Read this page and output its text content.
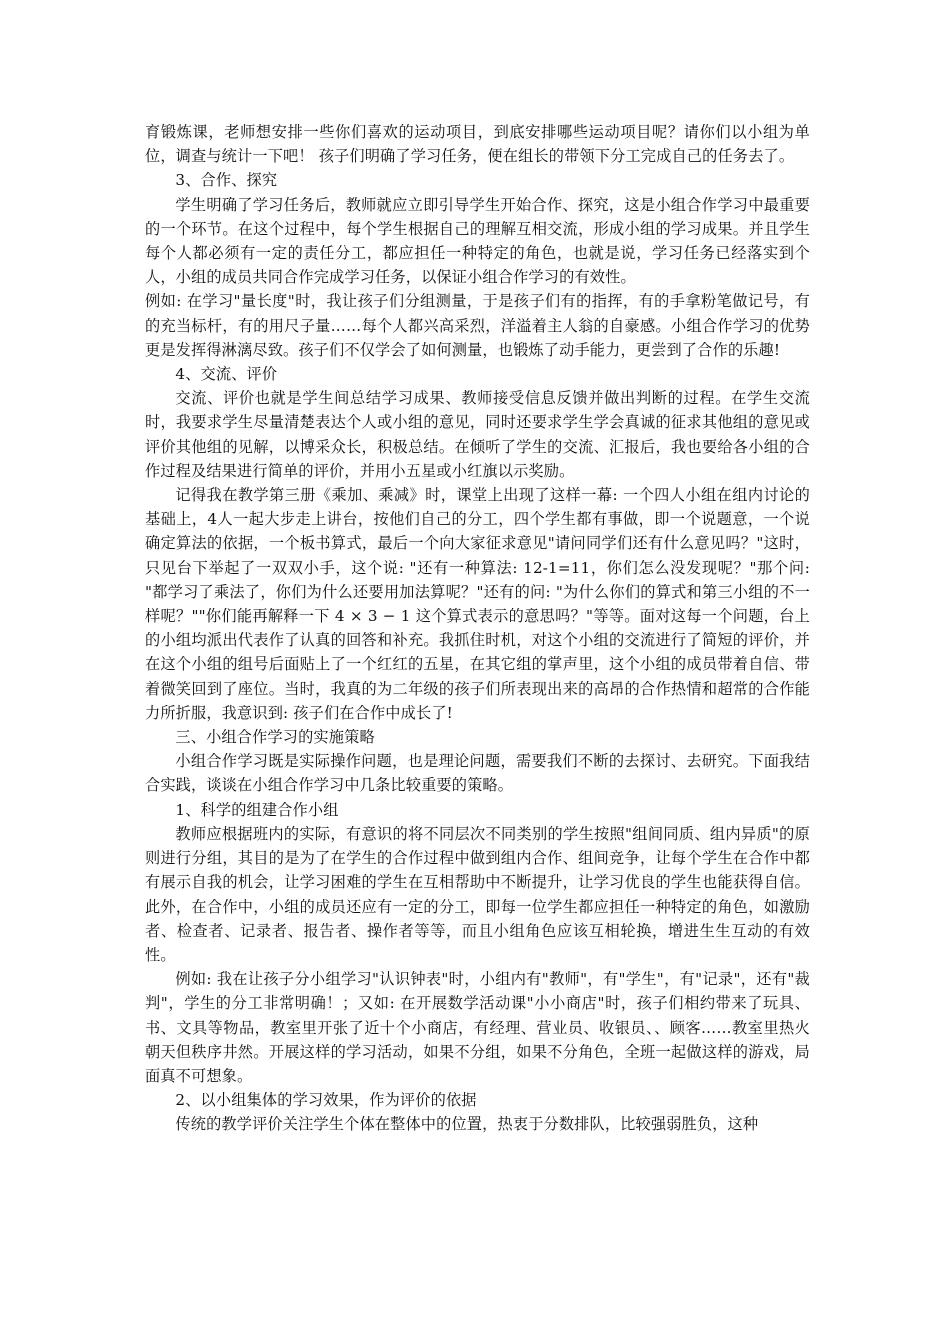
育锻炼课，老师想安排一些你们喜欢的运动项目，到底安排哪些运动项目呢？请你们以小组为单位，调查与统计一下吧！ 孩子们明确了学习任务，便在组长的带领下分工完成自己的任务去了。

3、合作、探究

学生明确了学习任务后，教师就应立即引导学生开始合作、探究，这是小组合作学习中最重要的一个环节。在这个过程中，每个学生根据自己的理解互相交流，形成小组的学习成果。并且学生每个人都必须有一定的责任分工，都应担任一种特定的角色，也就是说，学习任务已经落实到个人，小组的成员共同合作完成学习任务，以保证小组合作学习的有效性。

例如: 在学习"量长度"时，我让孩子们分组测量，于是孩子们有的指挥，有的手拿粉笔做记号，有的充当标杆，有的用尺子量……每个人都兴高采烈，洋溢着主人翁的自豪感。小组合作学习的优势更是发挥得淋漓尽致。孩子们不仅学会了如何测量，也锻炼了动手能力，更尝到了合作的乐趣!

4、交流、评价

交流、评价也就是学生间总结学习成果、教师接受信息反馈并做出判断的过程。在学生交流时，我要求学生尽量清楚表达个人或小组的意见，同时还要求学生学会真诚的征求其他组的意见或评价其他组的见解，以博采众长，积极总结。在倾听了学生的交流、汇报后，我也要给各小组的合作过程及结果进行简单的评价，并用小五星或小红旗以示奖励。

记得我在教学第三册《乘加、乘减》时，课堂上出现了这样一幕: 一个四人小组在组内讨论的基础上，4人一起大步走上讲台，按他们自己的分工，四个学生都有事做，即一个说题意，一个说确定算法的依据，一个板书算式，最后一个向大家征求意见"请问同学们还有什么意见吗？"这时，只见台下举起了一双双小手，这个说: "还有一种算法: 12-1=11，你们怎么没发现呢？"那个问: "都学习了乘法了，你们为什么还要用加法算呢？"还有的问: "为什么你们的算式和第三小组的不一样呢？""你们能再解释一下 4 × 3 − 1 这个算式表示的意思吗？"等等。面对这每一个问题，台上的小组均派出代表作了认真的回答和补充。我抓住时机，对这个小组的交流进行了简短的评价，并在这个小组的组号后面贴上了一个红红的五星，在其它组的掌声里，这个小组的成员带着自信、带着微笑回到了座位。当时，我真的为二年级的孩子们所表现出来的高昂的合作热情和超常的合作能力所折服，我意识到: 孩子们在合作中成长了!

三、小组合作学习的实施策略

小组合作学习既是实际操作问题，也是理论问题，需要我们不断的去探讨、去研究。下面我结合实践，谈谈在小组合作学习中几条比较重要的策略。

1、科学的组建合作小组

教师应根据班内的实际，有意识的将不同层次不同类别的学生按照"组间同质、组内异质"的原则进行分组，其目的是为了在学生的合作过程中做到组内合作、组间竞争，让每个学生在合作中都有展示自我的机会，让学习困难的学生在互相帮助中不断提升，让学习优良的学生也能获得自信。此外，在合作中，小组的成员还应有一定的分工，即每一位学生都应担任一种特定的角色，如激励者、检查者、记录者、报告者、操作者等等，而且小组角色应该互相轮换，增进生生互动的有效性。

例如: 我在让孩子分小组学习"认识钟表"时，小组内有"教师"，有"学生"，有"记录"，还有"裁判"，学生的分工非常明确！；又如: 在开展数学活动课"小小商店"时，孩子们相约带来了玩具、书、文具等物品，教室里开张了近十个小商店，有经理、营业员、收银员、、顾客……教室里热火朝天但秩序井然。开展这样的学习活动，如果不分组，如果不分角色，全班一起做这样的游戏，局面真不可想象。

2、以小组集体的学习效果，作为评价的依据

传统的教学评价关注学生个体在整体中的位置，热衷于分数排队，比较强弱胜负，这种
